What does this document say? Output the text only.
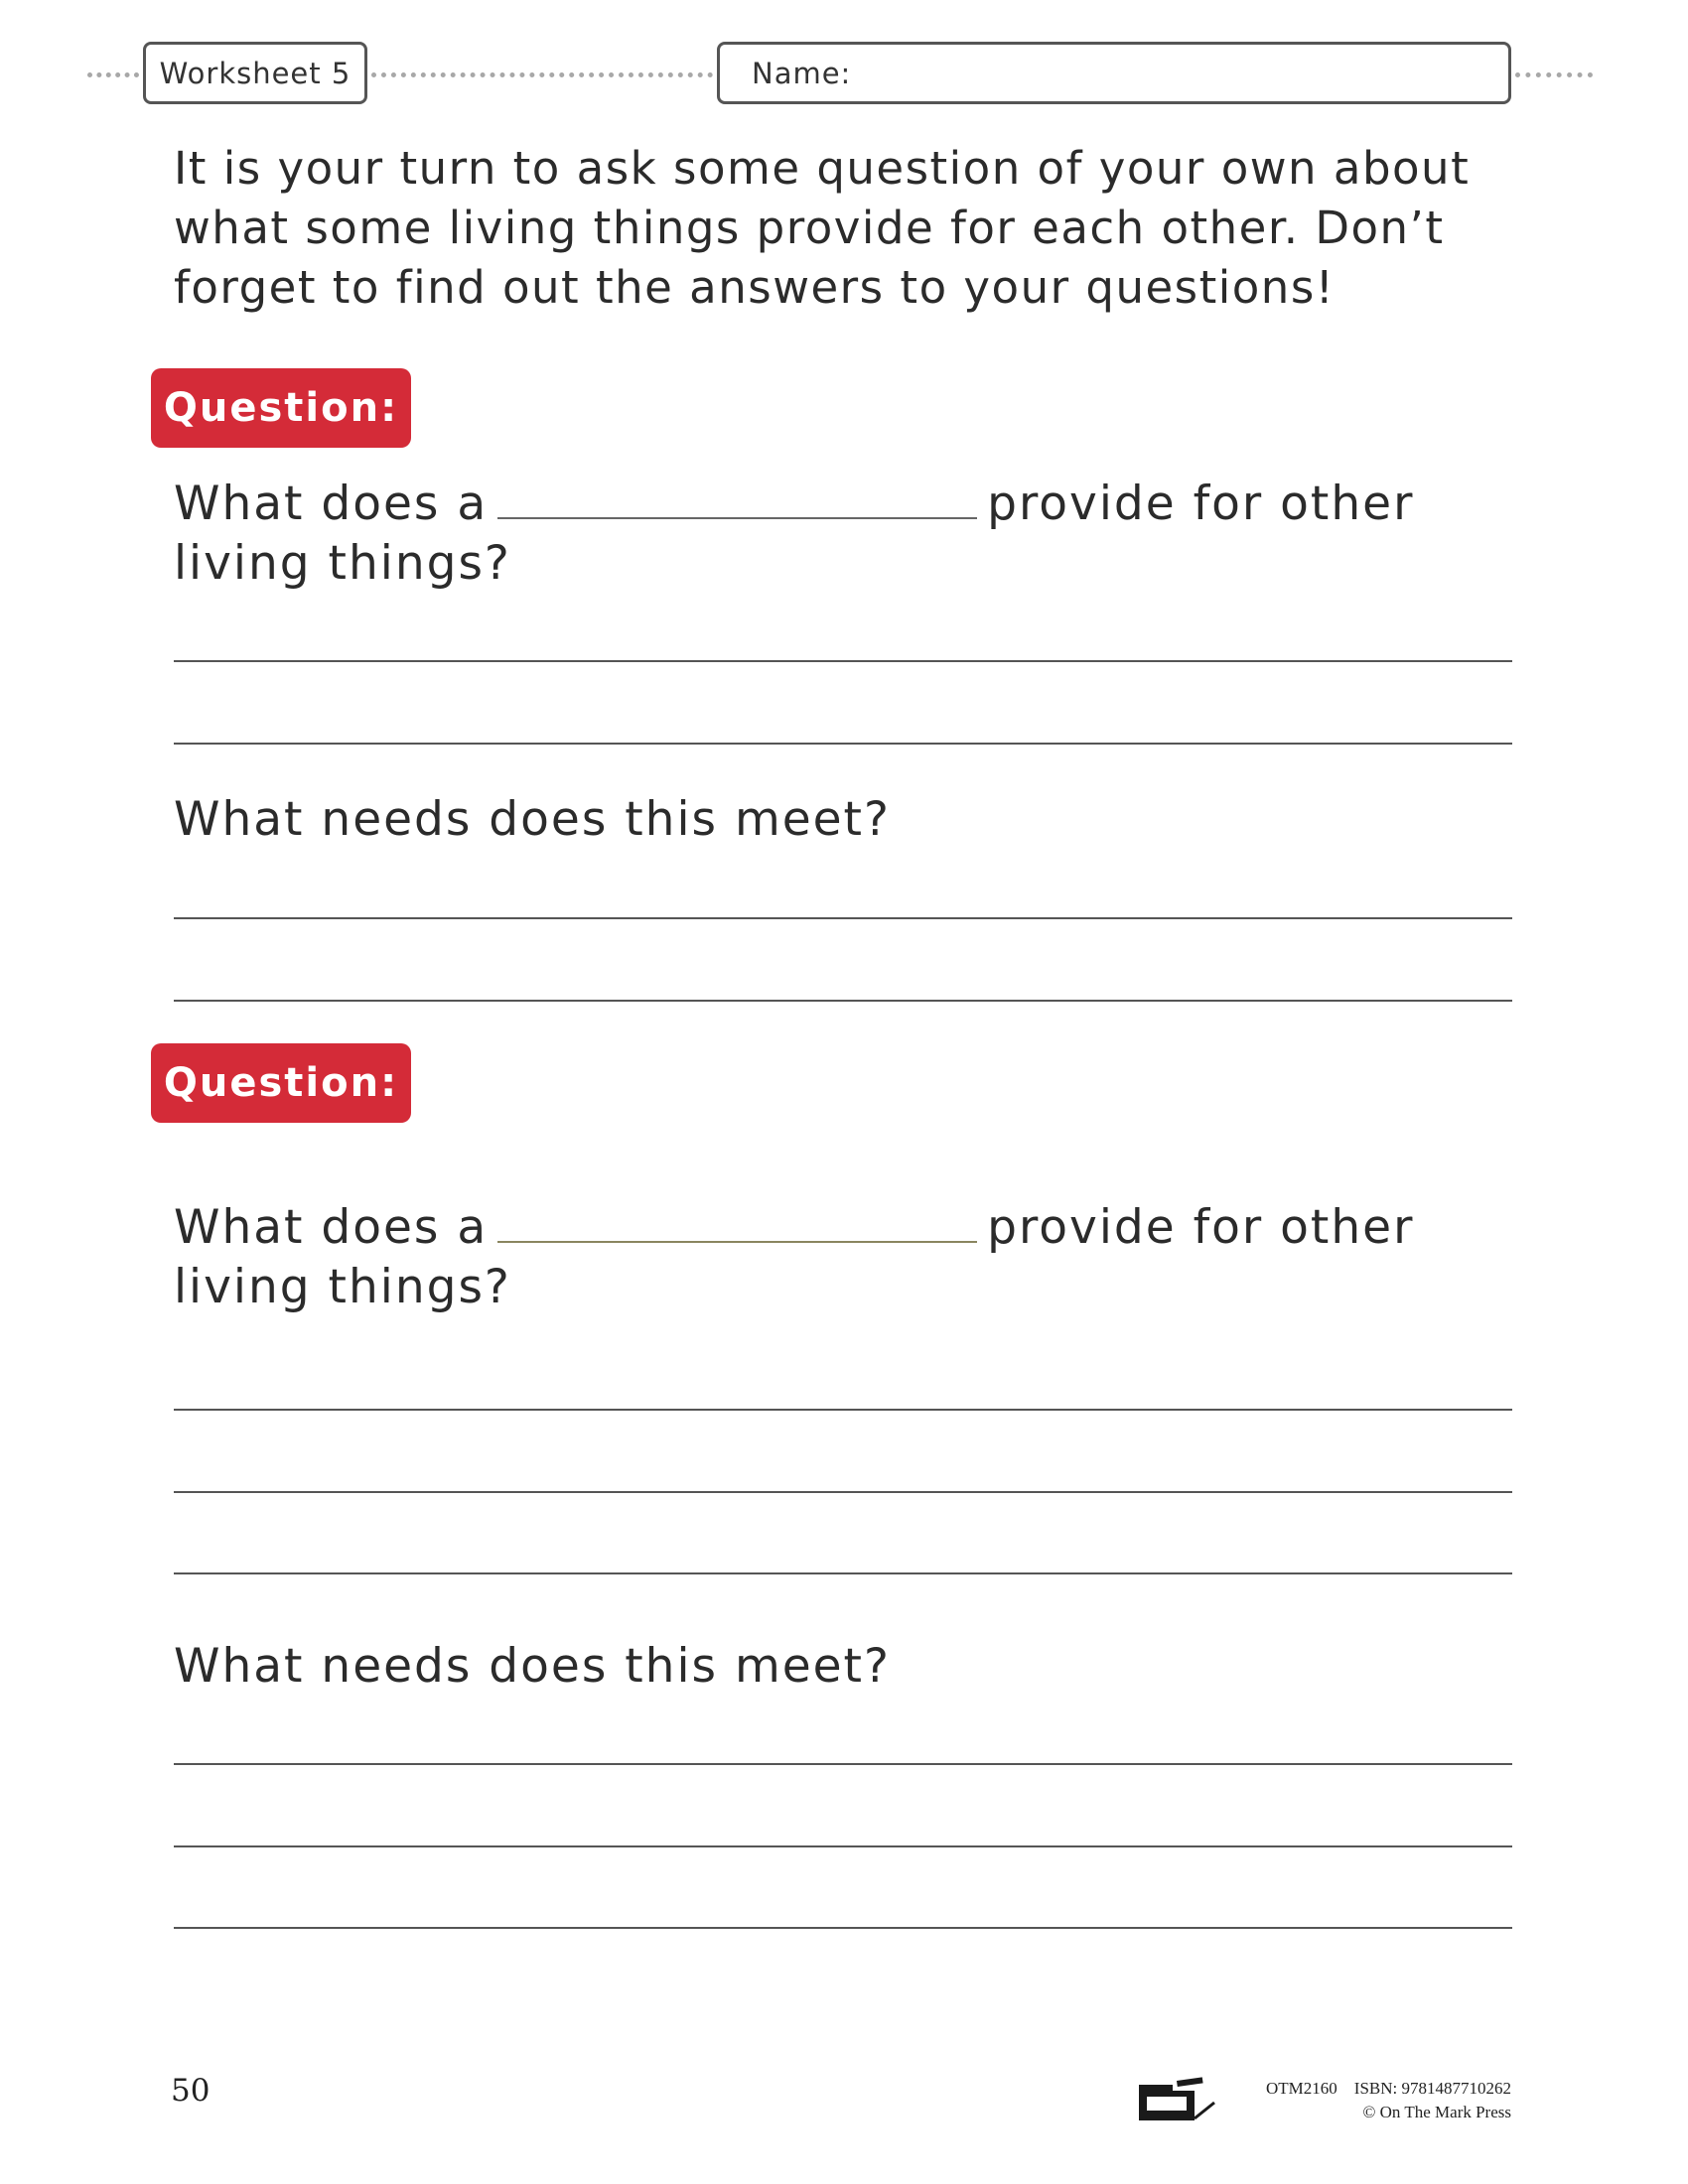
Worksheet 5	Name:
It is your turn to ask some question of your own about what some living things provide for each other. Don’t forget to find out the answers to your questions!
Question:
What does a	provide for other living things?
What needs does this meet?
Question:
What does a	provide for other living things?
What needs does this meet?
50	OTM2160 ISBN: 9781487710262
© On The Mark Press
